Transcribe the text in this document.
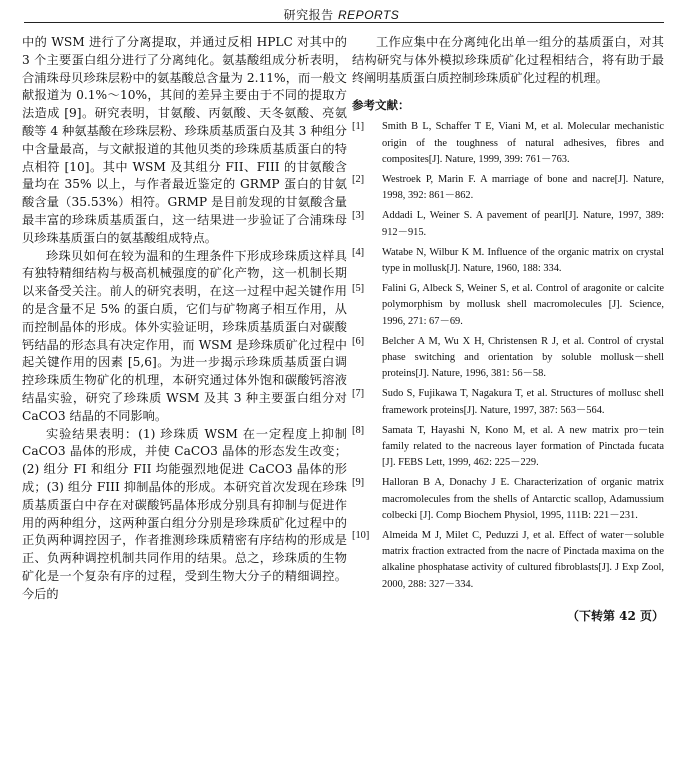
研究报告 REPORTS

中的 WSM 进行了分离提取，并通过反相 HPLC 对其中的 3 个主要蛋白组分进行了分离纯化。氨基酸组成分析表明，合浦珠母贝珍珠层粉中的氨基酸总含量为 2.11%，而一般文献报道为 0.1%～10%，其间的差异主要由于不同的提取方法造成 [9]。研究表明，甘氨酸、丙氨酸、天冬氨酸、亮氨酸等 4 种氨基酸在珍珠层粉、珍珠质基质蛋白及其 3 种组分中含量最高，与文献报道的其他贝类的珍珠质基质蛋白的特点相符 [10]。其中 WSM 及其组分 FII、FIII 的甘氨酸含量均在 35% 以上，与作者最近鉴定的 GRMP 蛋白的甘氨酸含量（35.53%）相符。GRMP 是目前发现的甘氨酸含量最丰富的珍珠质基质蛋白，这一结果进一步验证了合浦珠母贝珍珠基质蛋白的氨基酸组成特点。

珍珠贝如何在较为温和的生理条件下形成珍珠质这样具有独特精细结构与极高机械强度的矿化产物，这一机制长期以来备受关注。前人的研究表明，在这一过程中起关键作用的是含量不足 5% 的蛋白质，它们与矿物离子相互作用，从而控制晶体的形成。体外实验证明，珍珠质基质蛋白对碳酸钙结晶的形态具有决定作用，而 WSM 是珍珠质矿化过程中起关键作用的因素 [5,6]。为进一步揭示珍珠质基质蛋白调控珍珠质生物矿化的机理，本研究通过体外饱和碳酸钙溶液结晶实验，研究了珍珠质 WSM 及其 3 种主要蛋白组分对 CaCO3 结晶的不同影响。

实验结果表明：(1) 珍珠质 WSM 在一定程度上抑制 CaCO3 晶体的形成，并使 CaCO3 晶体的形态发生改变；(2) 组分 FI 和组分 FII 均能强烈地促进 CaCO3 晶体的形成；(3) 组分 FIII 抑制晶体的形成。本研究首次发现在珍珠质基质蛋白中存在对碳酸钙晶体形成分别具有抑制与促进作用的两种组分，这两种蛋白组分分别是珍珠质矿化过程中的正负两种调控因子，作者推测珍珠质精密有序结构的形成是正、负两种调控机制共同作用的结果。总之，珍珠质的生物矿化是一个复杂有序的过程，受到生物大分子的精细调控。今后的

工作应集中在分离纯化出单一组分的基质蛋白，对其结构研究与体外模拟珍珠质矿化过程相结合，将有助于最终阐明基质蛋白质控制珍珠质矿化过程的机理。

参考文献：
[1]	Smith B L, Schaffer T E, Viani M, et al. Molecular mechanistic origin of the toughness of natural adhesives, fibres and composites[J]. Nature, 1999, 399: 761－763.
[2]	Westroek P, Marin F. A marriage of bone and nacre[J]. Nature, 1998, 392: 861－862.
[3]	Addadi L, Weiner S. A pavement of pearl[J]. Nature, 1997, 389: 912－915.
[4]	Watabe N, Wilbur K M. Influence of the organic matrix on crystal type in mollusk[J]. Nature, 1960, 188: 334.
[5]	Falini G, Albeck S, Weiner S, et al. Control of aragonite or calcite polymorphism by mollusk shell macromolecules [J]. Science, 1996, 271: 67－69.
[6]	Belcher A M, Wu X H, Christensen R J, et al. Control of crystal phase switching and orientation by soluble mollusk－shell proteins[J]. Nature, 1996, 381: 56－58.
[7]	Sudo S, Fujikawa T, Nagakura T, et al. Structures of mollusc shell framework proteins[J]. Nature, 1997, 387: 563－564.
[8]	Samata T, Hayashi N, Kono M, et al. A new matrix pro－tein family related to the nacreous layer formation of Pinctada fucata [J]. FEBS Lett, 1999, 462: 225－229.
[9]	Halloran B A, Donachy J E. Characterization of organic matrix macromolecules from the shells of Antarctic scallop, Adamussium colbecki [J]. Comp Biochem Physiol, 1995, 111B: 221－231.
[10]	Almeida M J, Milet C, Peduzzi J, et al. Effect of water－soluble matrix fraction extracted from the nacre of Pinctada maxima on the alkaline phosphatase activity of cultured fibroblasts[J]. J Exp Zool, 2000, 288: 327－334.
（下转第 42 页）
